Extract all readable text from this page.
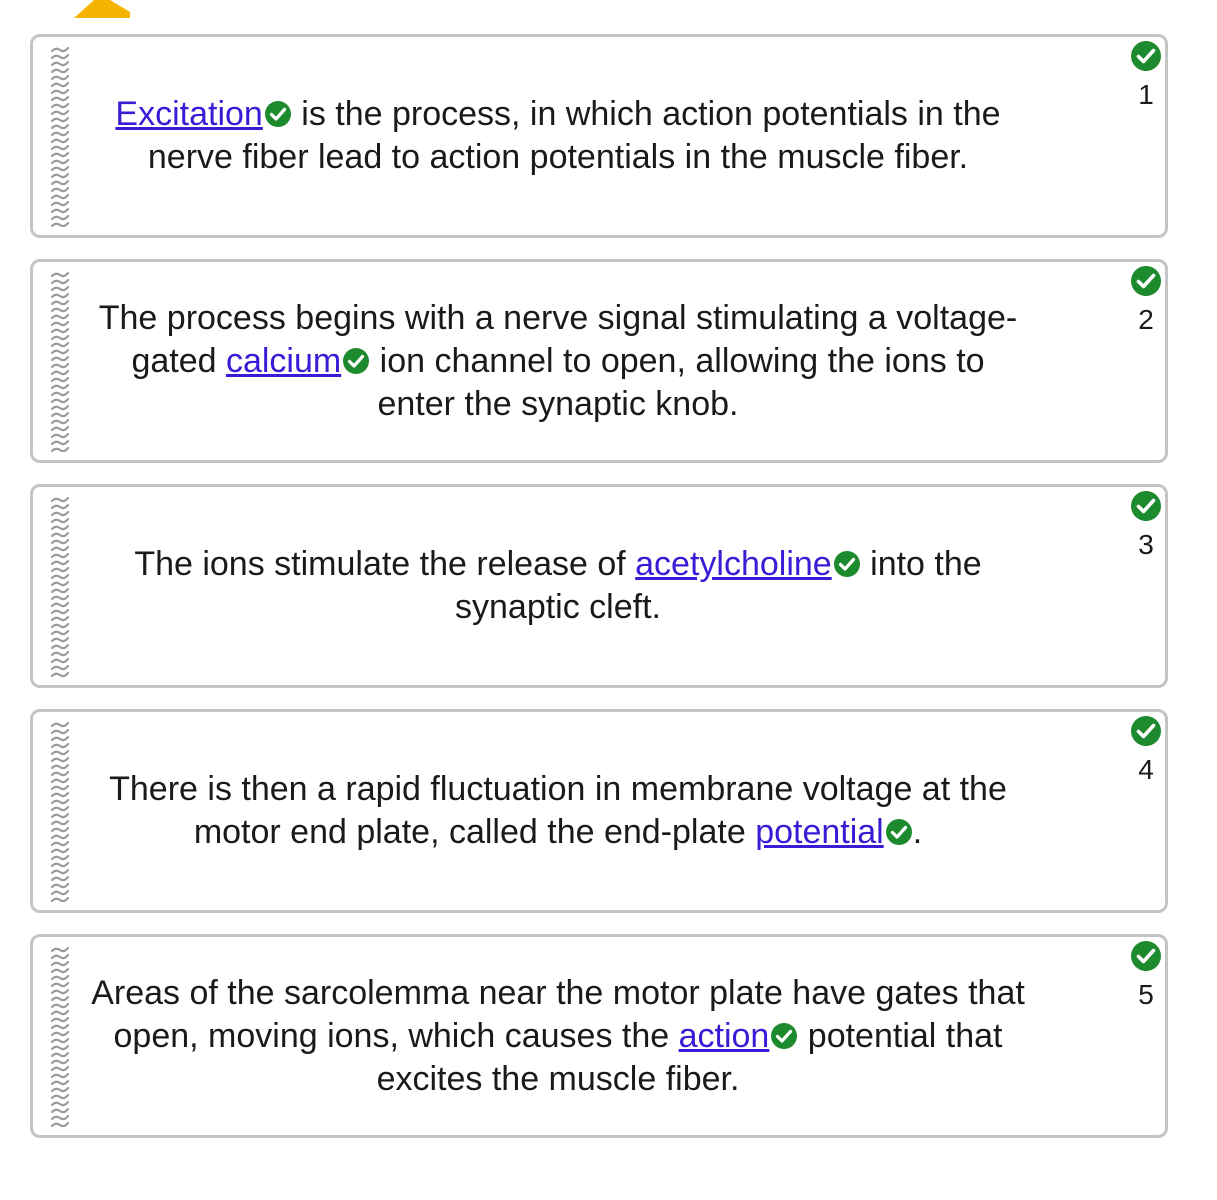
Excitation is the process, in which action potentials in the nerve fiber lead to action potentials in the muscle fiber.

1

The process begins with a nerve signal stimulating a voltage-gated calcium ion channel to open, allowing the ions to enter the synaptic knob.

2

The ions stimulate the release of acetylcholine into the synaptic cleft.

3

There is then a rapid fluctuation in membrane voltage at the motor end plate, called the end-plate potential .

4

Areas of the sarcolemma near the motor plate have gates that open, moving ions, which causes the action potential that excites the muscle fiber.

5
